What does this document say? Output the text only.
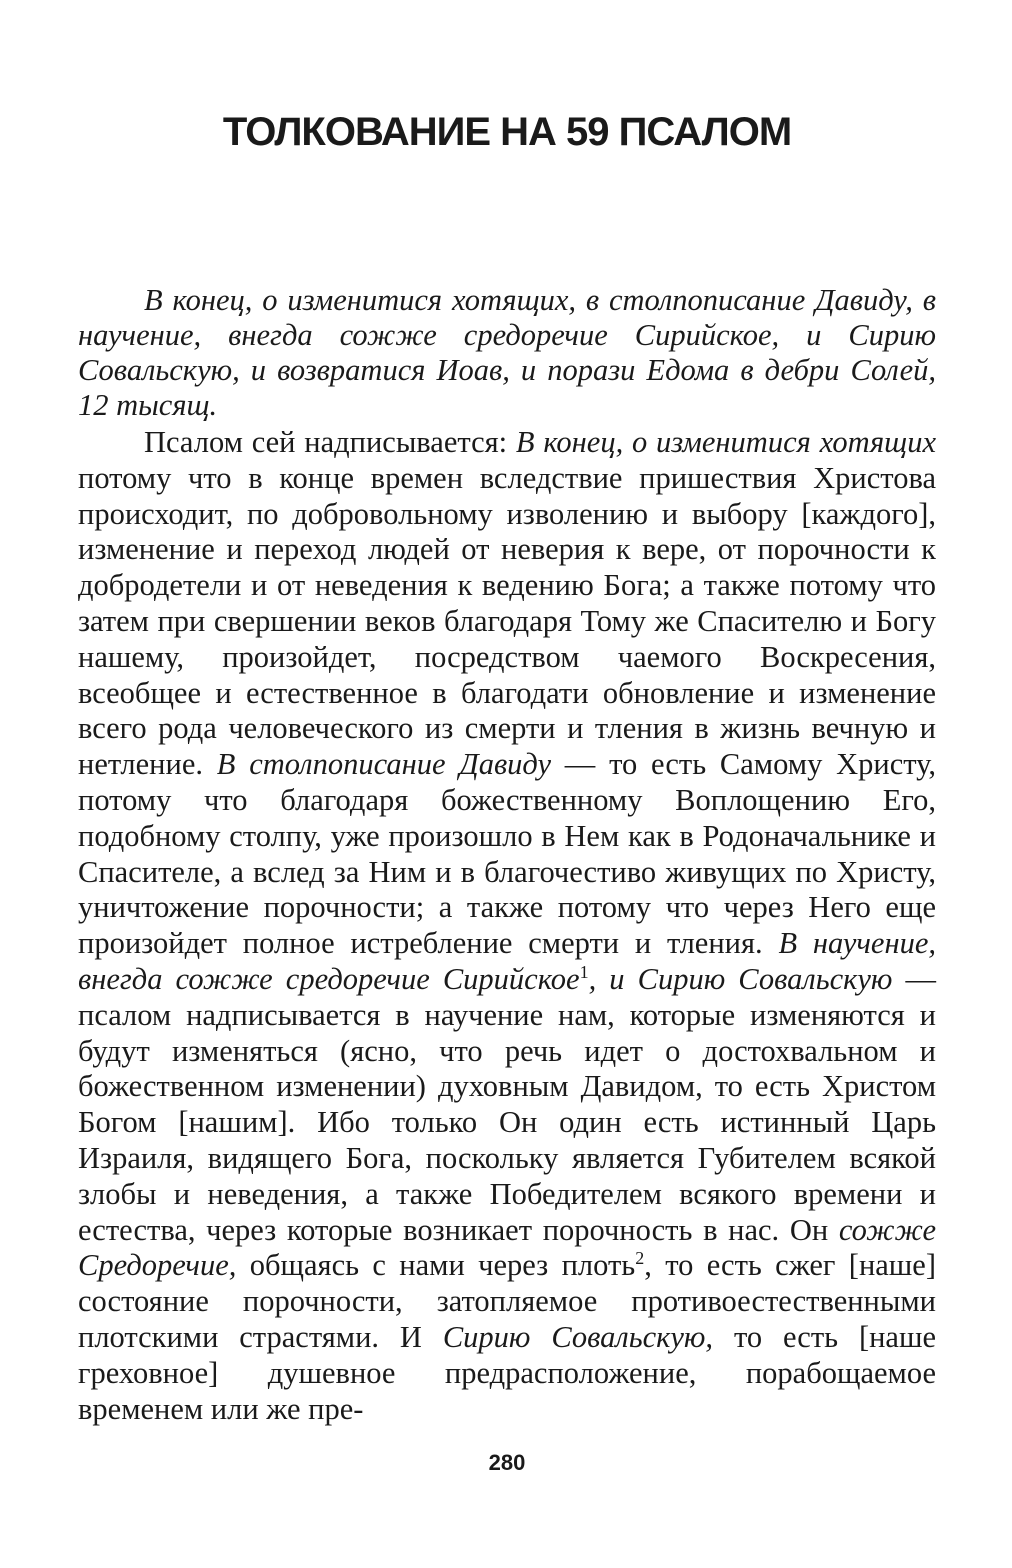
ТОЛКОВАНИЕ НА 59 ПСАЛОМ

В конец, о изменитися хотящих, в столпописание Давиду, в научение, внегда сожже средоречие Сирийское, и Сирию Совальскую, и возвратися Иоав, и порази Едома в дебри Солей, 12 тысящ.

Псалом сей надписывается: В конец, о изменитися хотящих потому что в конце времен вследствие пришествия Христова происходит, по добровольному изволению и выбору [каждого], изменение и переход людей от неверия к вере, от порочности к добродетели и от неведения к ведению Бога; а также потому что затем при свершении веков благодаря Тому же Спасителю и Богу нашему, произойдет, посредством чаемого Воскресения, всеобщее и естественное в благодати обновление и изменение всего рода человеческого из смерти и тления в жизнь вечную и нетление. В столпописание Давиду — то есть Самому Христу, потому что благодаря божественному Воплощению Его, подобному столпу, уже произошло в Нем как в Родоначальнике и Спасителе, а вслед за Ним и в благочестиво живущих по Христу, уничтожение порочности; а также потому что через Него еще произойдет полное истребление смерти и тления. В научение, внегда сожже средоречие Сирийское$^1$, и Сирию Совальскую — псалом надписывается в научение нам, которые изменяются и будут изменяться (ясно, что речь идет о достохвальном и божественном изменении) духовным Давидом, то есть Христом Богом [нашим]. Ибо только Он один есть истинный Царь Израиля, видящего Бога, поскольку является Губителем всякой злобы и неведения, а также Победителем всякого времени и естества, через которые возникает порочность в нас. Он сожже Средоречие, общаясь с нами через плоть$^2$, то есть сжег [наше] состояние порочности, затопляемое противоестественными плотскими страстями. И Сирию Совальскую, то есть [наше греховное] душевное предрасположение, порабощаемое временем или же пре-

280
